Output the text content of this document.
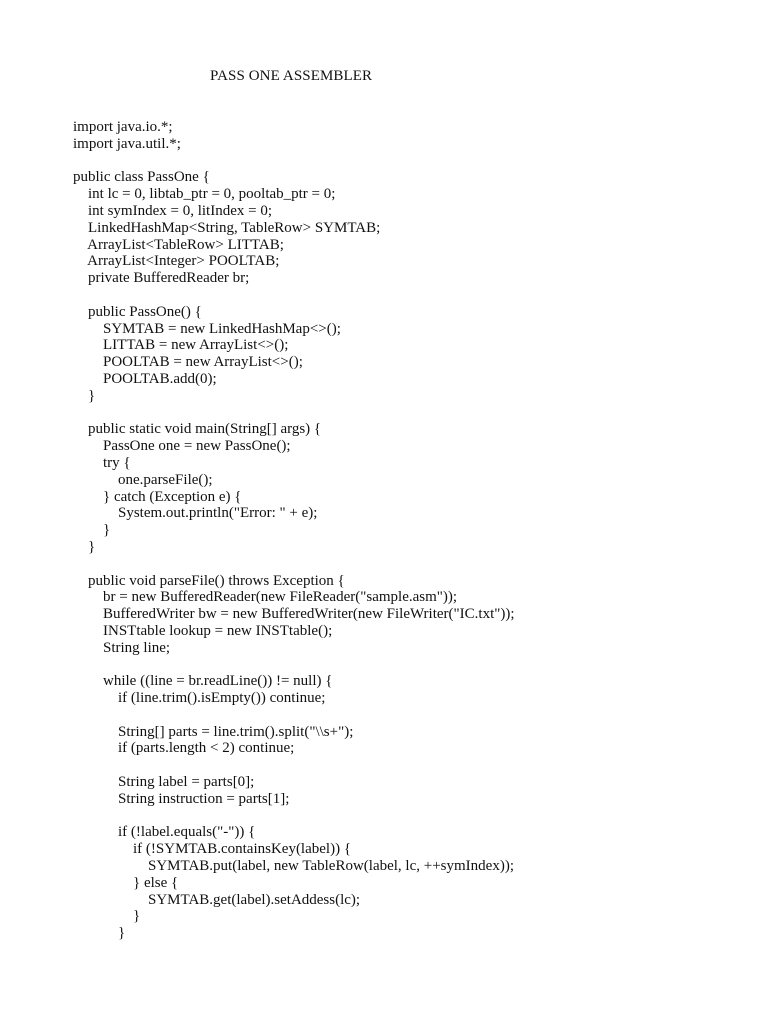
PASS ONE ASSEMBLER
import java.io.*;
import java.util.*;
public class PassOne {
int lc = 0, libtab_ptr = 0, pooltab_ptr = 0;
int symIndex = 0, litIndex = 0;
LinkedHashMap<String, TableRow> SYMTAB;
ArrayList<TableRow> LITTAB;
ArrayList<Integer> POOLTAB;
private BufferedReader br;
public PassOne() {
SYMTAB = new LinkedHashMap<>();
LITTAB = new ArrayList<>();
POOLTAB = new ArrayList<>();
POOLTAB.add(0);
}
public static void main(String[] args) {
PassOne one = new PassOne();
try {
one.parseFile();
} catch (Exception e) {
System.out.println("Error: " + e);
}
}
public void parseFile() throws Exception {
br = new BufferedReader(new FileReader("sample.asm"));
BufferedWriter bw = new BufferedWriter(new FileWriter("IC.txt"));
INSTtable lookup = new INSTtable();
String line;
while ((line = br.readLine()) != null) {
if (line.trim().isEmpty()) continue;
String[] parts = line.trim().split("\\s+");
if (parts.length < 2) continue;
String label = parts[0];
String instruction = parts[1];
if (!label.equals("-")) {
if (!SYMTAB.containsKey(label)) {
SYMTAB.put(label, new TableRow(label, lc, ++symIndex));
} else {
SYMTAB.get(label).setAddess(lc);
}
}
